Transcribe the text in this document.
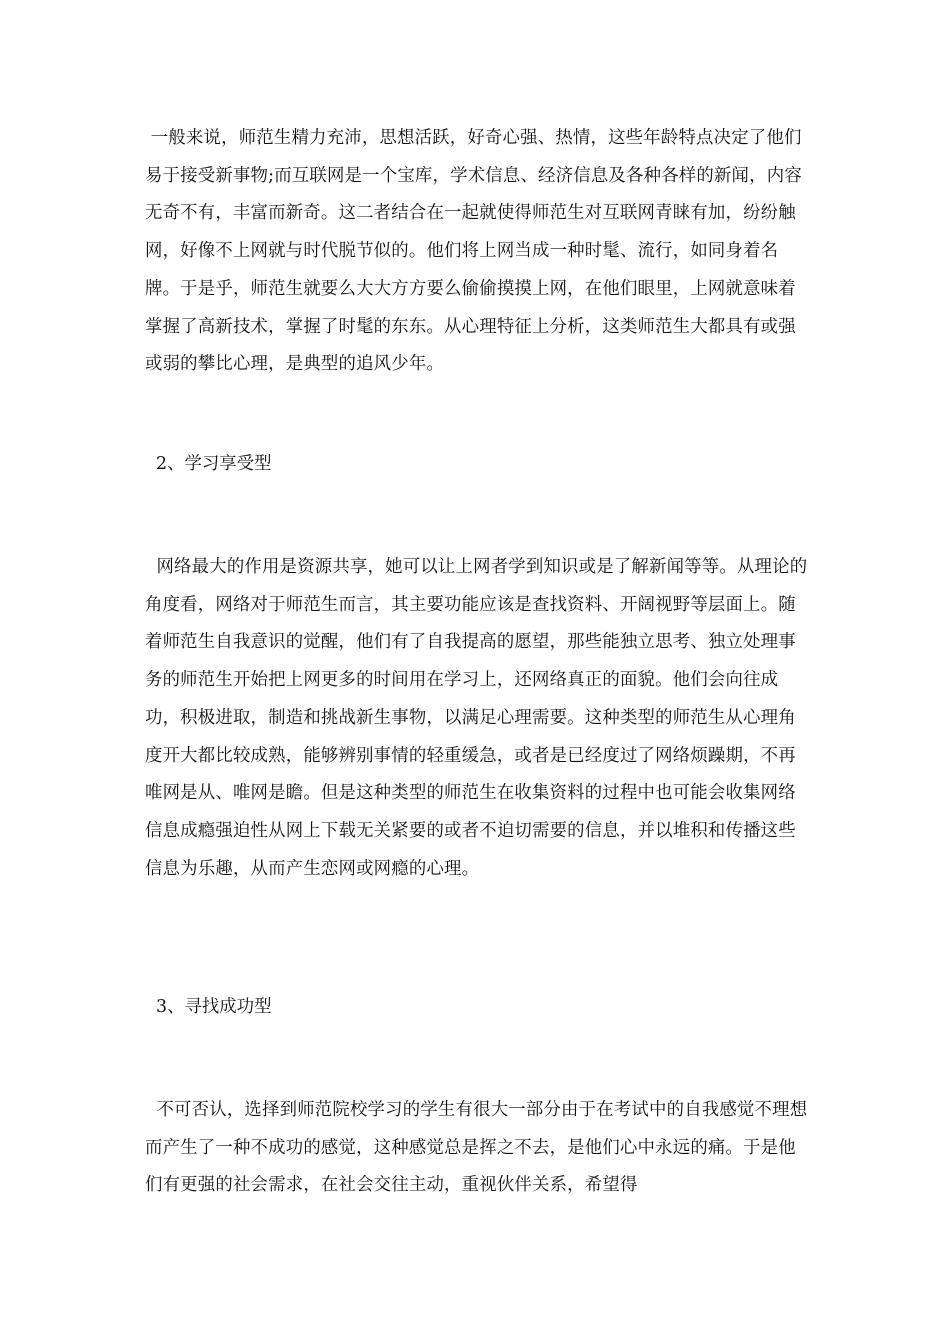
一般来说，师范生精力充沛，思想活跃，好奇心强、热情，这些年龄特点决定了他们易于接受新事物;而互联网是一个宝库，学术信息、经济信息及各种各样的新闻，内容无奇不有，丰富而新奇。这二者结合在一起就使得师范生对互联网青睐有加，纷纷触网，好像不上网就与时代脱节似的。他们将上网当成一种时髦、流行，如同身着名牌。于是乎，师范生就要么大大方方要么偷偷摸摸上网，在他们眼里，上网就意味着掌握了高新技术，掌握了时髦的东东。从心理特征上分析，这类师范生大都具有或强或弱的攀比心理，是典型的追风少年。

2、学习享受型

网络最大的作用是资源共享，她可以让上网者学到知识或是了解新闻等等。从理论的角度看，网络对于师范生而言，其主要功能应该是查找资料、开阔视野等层面上。随着师范生自我意识的觉醒，他们有了自我提高的愿望，那些能独立思考、独立处理事务的师范生开始把上网更多的时间用在学习上，还网络真正的面貌。他们会向往成功，积极进取，制造和挑战新生事物，以满足心理需要。这种类型的师范生从心理角度开大都比较成熟，能够辨别事情的轻重缓急，或者是已经度过了网络烦躁期，不再唯网是从、唯网是瞻。但是这种类型的师范生在收集资料的过程中也可能会收集网络信息成瘾强迫性从网上下载无关紧要的或者不迫切需要的信息，并以堆积和传播这些信息为乐趣，从而产生恋网或网瘾的心理。

3、寻找成功型

不可否认，选择到师范院校学习的学生有很大一部分由于在考试中的自我感觉不理想而产生了一种不成功的感觉，这种感觉总是挥之不去，是他们心中永远的痛。于是他们有更强的社会需求，在社会交往主动，重视伙伴关系，希望得
